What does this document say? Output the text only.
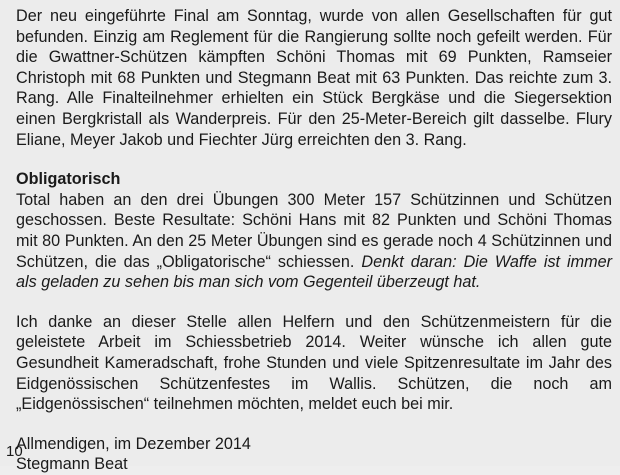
Der neu eingeführte Final am Sonntag, wurde von allen Gesellschaften für gut befunden. Einzig am Reglement für die Rangierung sollte noch gefeilt werden. Für die Gwattner-Schützen kämpften Schöni Thomas mit 69 Punkten, Ramseier Christoph mit 68 Punkten und Stegmann Beat mit 63 Punkten. Das reichte zum 3. Rang. Alle Finalteilnehmer erhielten ein Stück Bergkäse und die Siegersektion einen Bergkristall als Wanderpreis. Für den 25-Meter-Bereich gilt dasselbe. Flury Eliane, Meyer Jakob und Fiechter Jürg erreichten den 3. Rang.

Obligatorisch

Total haben an den drei Übungen 300 Meter 157 Schützinnen und Schützen geschossen. Beste Resultate: Schöni Hans mit 82 Punkten und Schöni Thomas mit 80 Punkten. An den 25 Meter Übungen sind es gerade noch 4 Schützinnen und Schützen, die das „Obligatorische“ schiessen. Denkt daran: Die Waffe ist immer als geladen zu sehen bis man sich vom Gegenteil überzeugt hat.

Ich danke an dieser Stelle allen Helfern und den Schützenmeistern für die geleistete Arbeit im Schiessbetrieb 2014. Weiter wünsche ich allen gute Gesundheit Kameradschaft, frohe Stunden und viele Spitzenresultate im Jahr des Eidgenössischen Schützenfestes im Wallis. Schützen, die noch am „Eidgenössischen“ teilnehmen möchten, meldet euch bei mir.

Allmendigen, im Dezember 2014

Stegmann Beat

10
